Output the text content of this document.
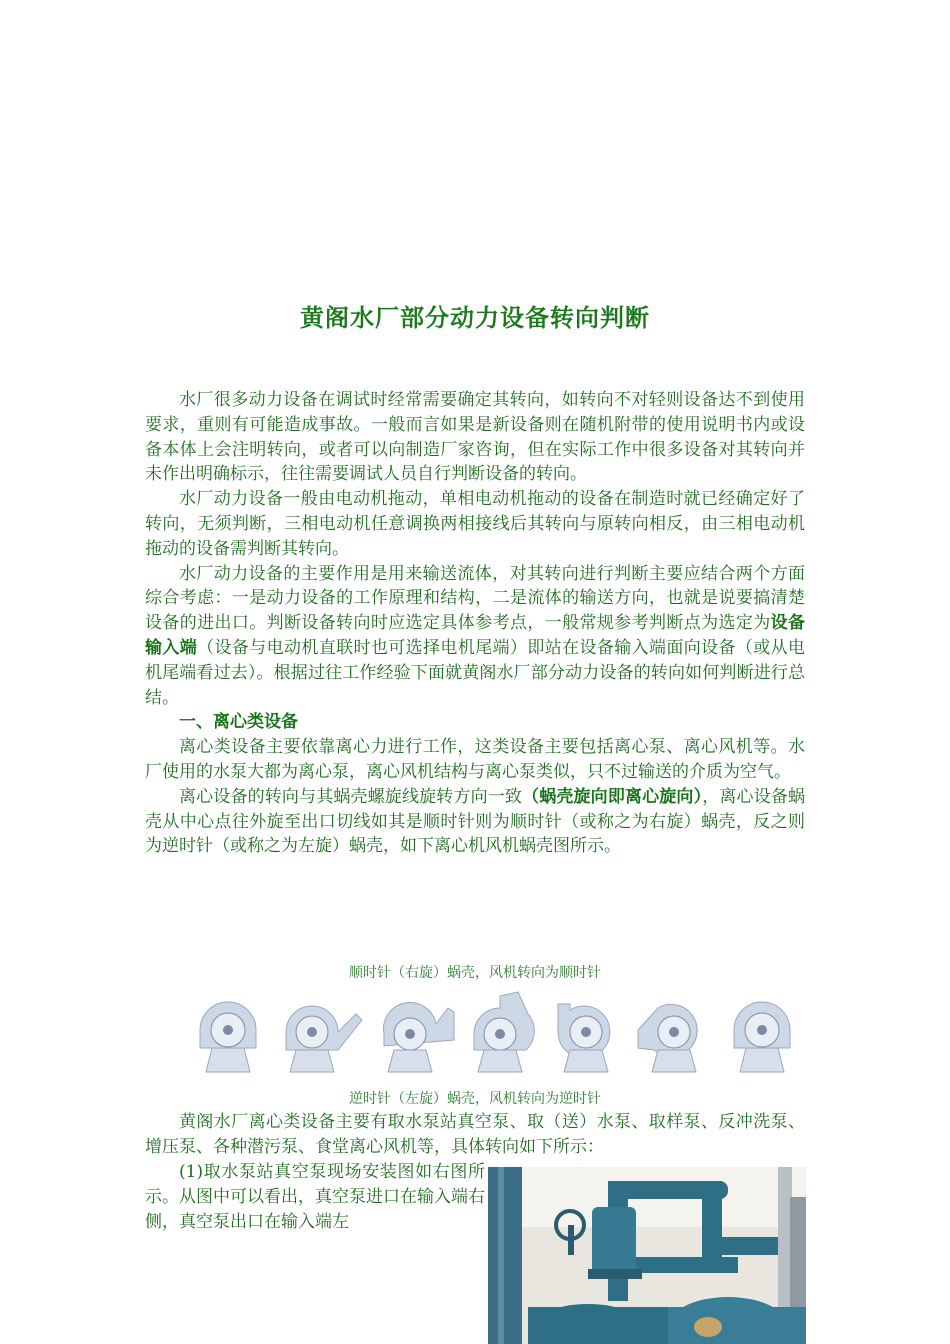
黄阁水厂部分动力设备转向判断

水厂很多动力设备在调试时经常需要确定其转向，如转向不对轻则设备达不到使用要求，重则有可能造成事故。一般而言如果是新设备则在随机附带的使用说明书内或设备本体上会注明转向，或者可以向制造厂家咨询，但在实际工作中很多设备对其转向并未作出明确标示，往往需要调试人员自行判断设备的转向。

水厂动力设备一般由电动机拖动，单相电动机拖动的设备在制造时就已经确定好了转向，无须判断，三相电动机任意调换两相接线后其转向与原转向相反，由三相电动机拖动的设备需判断其转向。

水厂动力设备的主要作用是用来输送流体，对其转向进行判断主要应结合两个方面综合考虑：一是动力设备的工作原理和结构，二是流体的输送方向，也就是说要搞清楚设备的进出口。判断设备转向时应选定具体参考点，一般常规参考判断点为选定为设备输入端（设备与电动机直联时也可选择电机尾端）即站在设备输入端面向设备（或从电机尾端看过去）。根据过往工作经验下面就黄阁水厂部分动力设备的转向如何判断进行总结。

一、离心类设备

离心类设备主要依靠离心力进行工作，这类设备主要包括离心泵、离心风机等。水厂使用的水泵大都为离心泵，离心风机结构与离心泵类似，只不过输送的介质为空气。

离心设备的转向与其蜗壳螺旋线旋转方向一致（蜗壳旋向即离心旋向），离心设备蜗壳从中心点往外旋至出口切线如其是顺时针则为顺时针（或称之为右旋）蜗壳，反之则为逆时针（或称之为左旋）蜗壳，如下离心机风机蜗壳图所示。

顺时针（右旋）蜗壳，风机转向为顺时针
逆时针（左旋）蜗壳，风机转向为逆时针

黄阁水厂离心类设备主要有取水泵站真空泵、取（送）水泵、取样泵、反冲洗泵、增压泵、各种潜污泵、食堂离心风机等，具体转向如下所示：

(1)取水泵站真空泵现场安装图如右图所示。从图中可以看出，真空泵进口在输入端右侧，真空泵出口在输入端左
